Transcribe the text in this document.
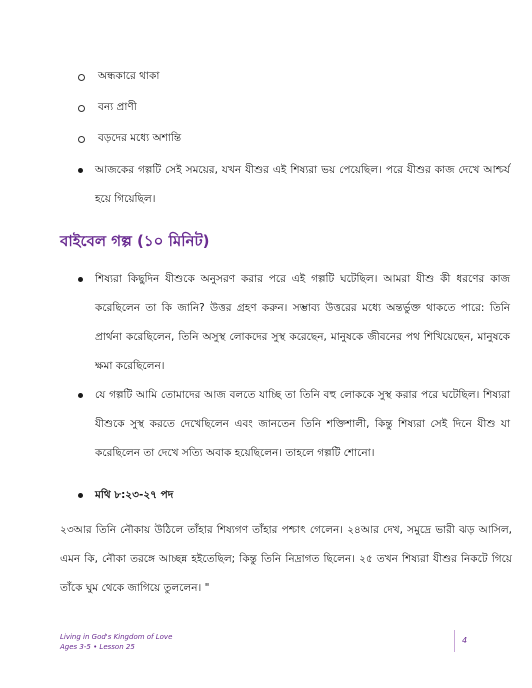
অন্ধকারে থাকা
বন্য প্রাণী
বড়দের মধ্যে অশান্তি
আজকের গল্পটি সেই সময়ের, যখন যীশুর এই শিষ্যরা ভয় পেয়েছিল। পরে যীশুর কাজ দেখে আশ্চর্য হয়ে গিয়েছিল।
বাইবেল গল্প (১০ মিনিট)
শিষ্যরা কিছুদিন যীশুকে অনুসরণ করার পরে এই গল্পটি ঘটেছিল। আমরা যীশু কী ধরণের কাজ করেছিলেন তা কি জানি? উত্তর গ্রহণ করুন। সম্ভাব্য উত্তরের মধ্যে অন্তর্ভুক্ত থাকতে পারে: তিনি প্রার্থনা করেছিলেন, তিনি অসুস্থ লোকদের সুস্থ করেছেন, মানুষকে জীবনের পথ শিখিয়েছেন, মানুষকে ক্ষমা করেছিলেন।
যে গল্পটি আমি তোমাদের আজ বলতে যাচ্ছি তা তিনি বহু লোককে সুস্থ করার পরে ঘটেছিল। শিষ্যরা যীশুকে সুস্থ করতে দেখেছিলেন এবং জানতেন তিনি শক্তিশালী, কিন্তু শিষ্যরা সেই দিনে যীশু যা করেছিলেন তা দেখে সত্যি অবাক হয়েছিলেন। তাহলে গল্পটি শোনো।
মথি ৮:২৩-২৭ পদ
২৩আর তিনি নৌকায় উঠিলে তাঁহার শিষ্যগণ তাঁহার পশ্চাৎ গেলেন। ২৪আর দেখ, সমুদ্রে ভারী ঝড় আসিল, এমন কি, নৌকা তরঙ্গে আচ্ছন্ন হইতেছিল; কিন্তু তিনি নিদ্রাগত ছিলেন। ২৫ তখন শিষ্যরা যীশুর নিকটে গিয়ে তাঁকে ঘুম থেকে জাগিয়ে তুললেন। "
Living in God's Kingdom of Love
Ages 3-5 • Lesson 25
4
